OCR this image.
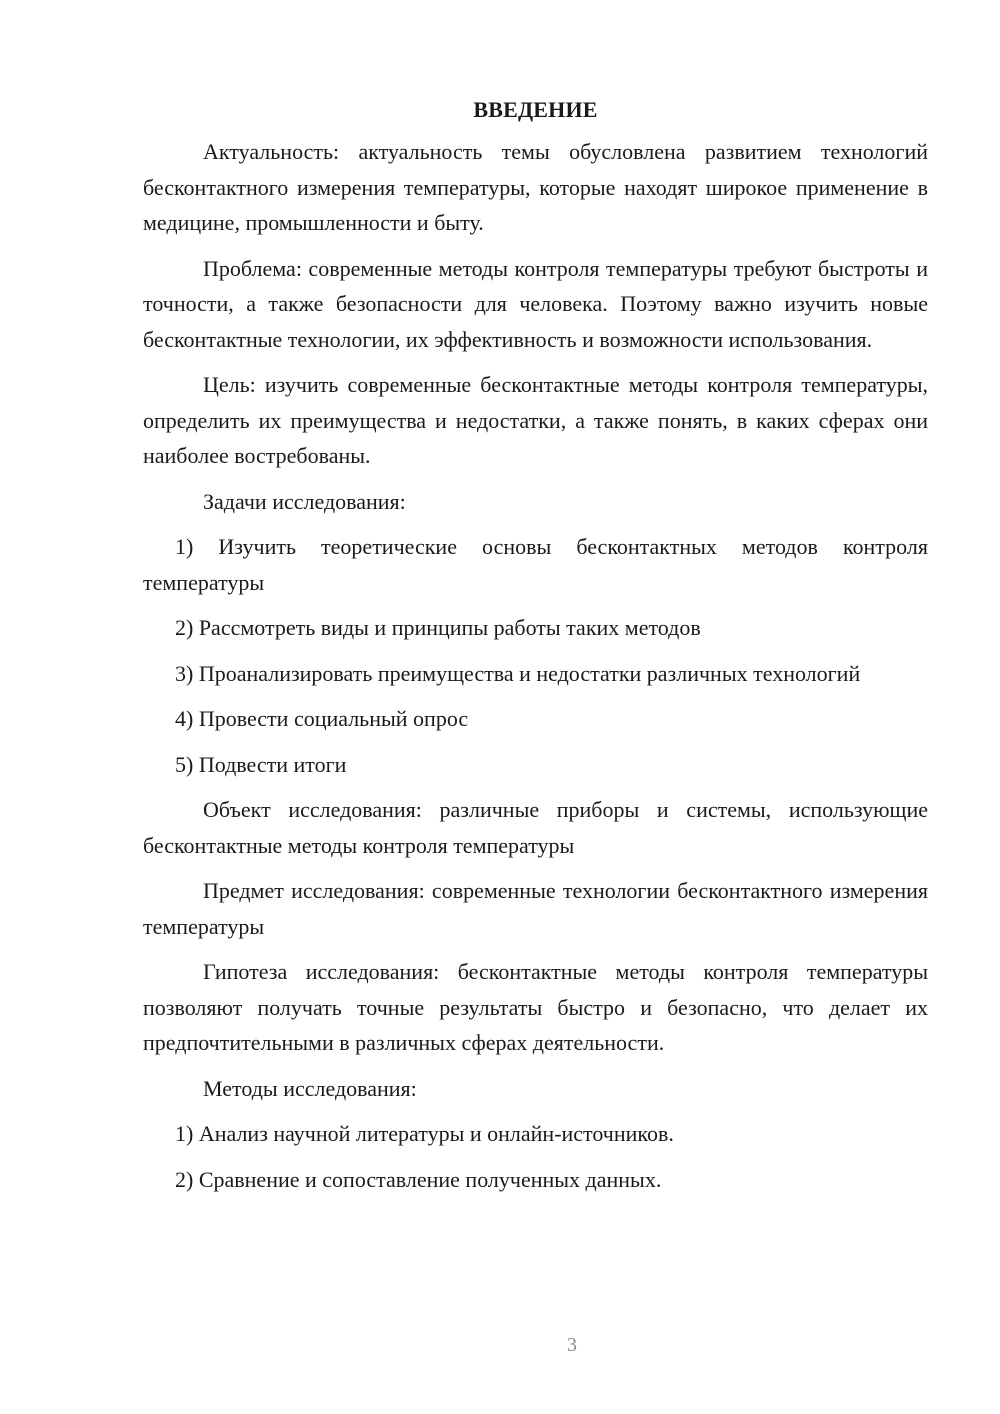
ВВЕДЕНИЕ

Актуальность: актуальность темы обусловлена развитием технологий бесконтактного измерения температуры, которые находят широкое применение в медицине, промышленности и быту.

Проблема: современные методы контроля температуры требуют быстроты и точности, а также безопасности для человека. Поэтому важно изучить новые бесконтактные технологии, их эффективность и возможности использования.

Цель: изучить современные бесконтактные методы контроля температуры, определить их преимущества и недостатки, а также понять, в каких сферах они наиболее востребованы.

Задачи исследования:

1) Изучить теоретические основы бесконтактных методов контроля температуры

2) Рассмотреть виды и принципы работы таких методов

3) Проанализировать преимущества и недостатки различных технологий

4) Провести социальный опрос

5) Подвести итоги

Объект исследования: различные приборы и системы, использующие бесконтактные методы контроля температуры

Предмет исследования: современные технологии бесконтактного измерения температуры

Гипотеза исследования: бесконтактные методы контроля температуры позволяют получать точные результаты быстро и безопасно, что делает их предпочтительными в различных сферах деятельности.

Методы исследования:

1) Анализ научной литературы и онлайн-источников.

2) Сравнение и сопоставление полученных данных.

3
